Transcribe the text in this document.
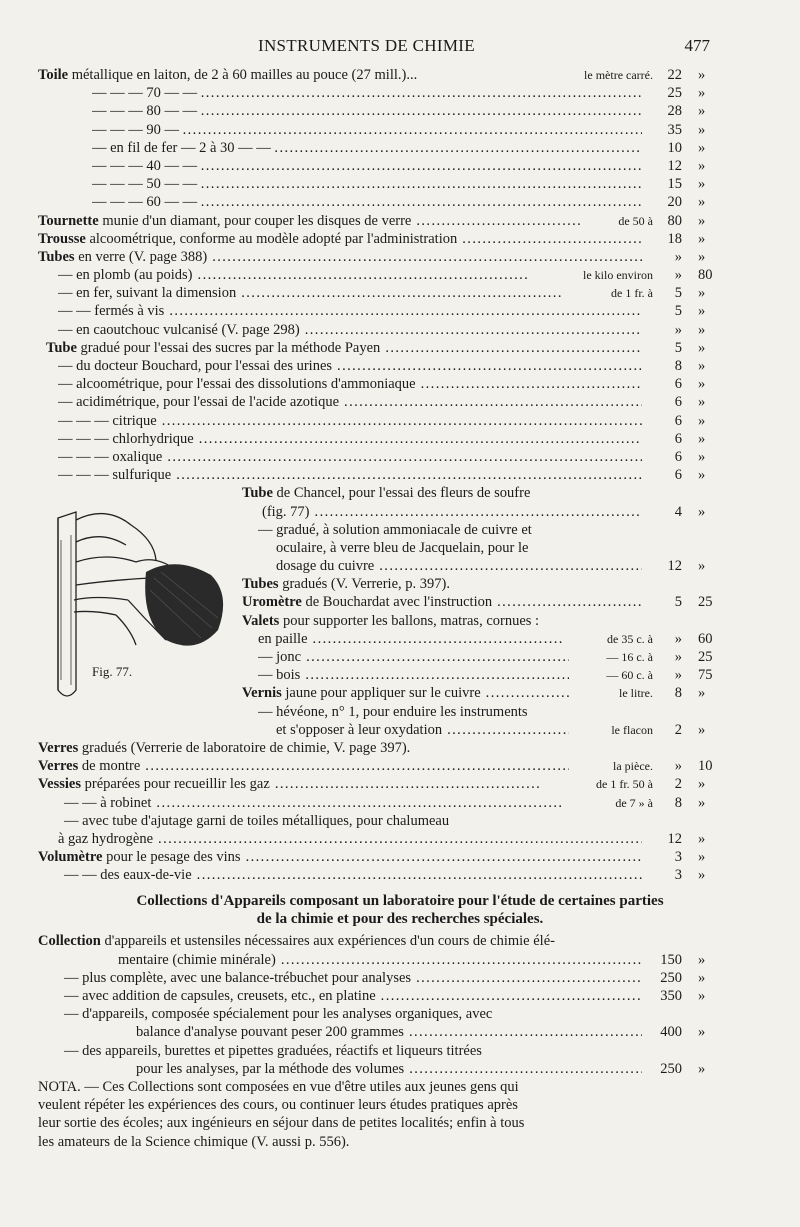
INSTRUMENTS DE CHIMIE	477
Toile métallique en laiton, de 2 à 60 mailles au pouce (27 mill.)...	le mètre carré.	22 »
— — — 70 — — .....	25 »
— — — 80 — — .....	28 »
— — — 90 — .....	35 »
— en fil de fer — 2 à 30 — — .....	10 »
— — — 40 — — .....	12 »
— — — 50 — — .....	15 »
— — — 60 — — .....	20 »
Tournette munie d'un diamant, pour couper les disques de verre .....	de 50 à	80 »
Trousse alcoométrique, conforme au modèle adopté par l'administration .....	18 »
Tubes en verre (V. page 388) .....	» »
— en plomb (au poids) .....	le kilo environ	» 80
— en fer, suivant la dimension .....	de 1 fr. à	5 »
— — fermés à vis .....	5 »
— en caoutchouc vulcanisé (V. page 298) .....	» »
Tube gradué pour l'essai des sucres par la méthode Payen .....	5 »
— du docteur Bouchard, pour l'essai des urines .....	8 »
— alcoométrique, pour l'essai des dissolutions d'ammoniaque .....	6 »
— acidimétrique, pour l'essai de l'acide azotique .....	6 »
— — — citrique .....	6 »
— — — chlorhydrique .....	6 »
— — — oxalique .....	6 »
— — — sulfurique .....	6 »
Tube de Chancel, pour l'essai des fleurs de soufre
(fig. 77) .....	4 »
— gradué, à solution ammoniacale de cuivre et
oculaire, à verre bleu de Jacquelain, pour le
dosage du cuivre .....	12 »
Tubes gradués (V. Verrerie, p. 397).
Uromètre de Bouchardat avec l'instruction .....	5 25
Valets pour supporter les ballons, matras, cornues :
en paille .....	de 35 c. à	» 60
— jonc .....	— 16 c. à	» 25
— bois .....	— 60 c. à	» 75
Vernis jaune pour appliquer sur le cuivre .....	le litre.	8 »
— hévéone, n° 1, pour enduire les instruments
et s'opposer à leur oxydation .....	le flacon	2 »
Verres gradués (Verrerie de laboratoire de chimie, V. page 397).
Verres de montre .....	la pièce.	» 10
Vessies préparées pour recueillir les gaz .....	de 1 fr. 50 à	2 »
— — à robinet .....	de 7 » à	8 »
— avec tube d'ajutage garni de toiles métalliques, pour chalumeau
à gaz hydrogène .....	12 »
Volumètre pour le pesage des vins .....	3 »
— — des eaux-de-vie .....	3 »
Collections d'Appareils composant un laboratoire pour l'étude de certaines parties
de la chimie et pour des recherches spéciales.
Collection d'appareils et ustensiles nécessaires aux expériences d'un cours de chimie élé-
mentaire (chimie minérale) .....	150 »
— plus complète, avec une balance-trébuchet pour analyses .....	250 »
— avec addition de capsules, creusets, etc., en platine .....	350 »
— d'appareils, composée spécialement pour les analyses organiques, avec
balance d'analyse pouvant peser 200 grammes .....	400 »
— des appareils, burettes et pipettes graduées, réactifs et liqueurs titrées
pour les analyses, par la méthode des volumes .....	250 »
NOTA. — Ces Collections sont composées en vue d'être utiles aux jeunes gens qui
veulent répéter les expériences des cours, ou continuer leurs études pratiques après
leur sortie des écoles; aux ingénieurs en séjour dans de petites localités; enfin à tous
les amateurs de la Science chimique (V. aussi p. 556).
Fig. 77.
